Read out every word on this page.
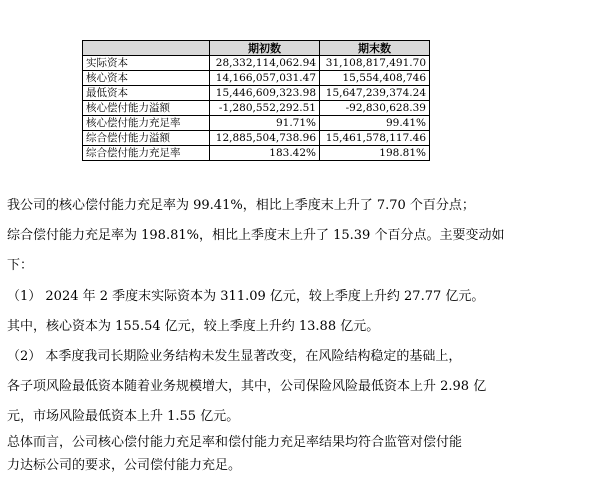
	期初数	期末数
实际资本	28,332,114,062.94	31,108,817,491.70
核心资本	14,166,057,031.47	15,554,408,746
最低资本	15,446,609,323.98	15,647,239,374.24
核心偿付能力溢额	-1,280,552,292.51	-92,830,628.39
核心偿付能力充足率	91.71%	99.41%
综合偿付能力溢额	12,885,504,738.96	15,461,578,117.46
综合偿付能力充足率	183.42%	198.81%

我公司的核心偿付能力充足率为 99.41%，相比上季度末上升了 7.70 个百分点；

综合偿付能力充足率为 198.81%，相比上季度末上升了 15.39 个百分点。主要变动如

下：

（1） 2024 年 2 季度末实际资本为 311.09 亿元，较上季度上升约 27.77 亿元。

其中，核心资本为 155.54 亿元，较上季度上升约 13.88 亿元。

（2） 本季度我司长期险业务结构未发生显著改变，在风险结构稳定的基础上，

各子项风险最低资本随着业务规模增大，其中，公司保险风险最低资本上升 2.98 亿

元，市场风险最低资本上升 1.55 亿元。

总体而言，公司核心偿付能力充足率和偿付能力充足率结果均符合监管对偿付能

力达标公司的要求，公司偿付能力充足。
